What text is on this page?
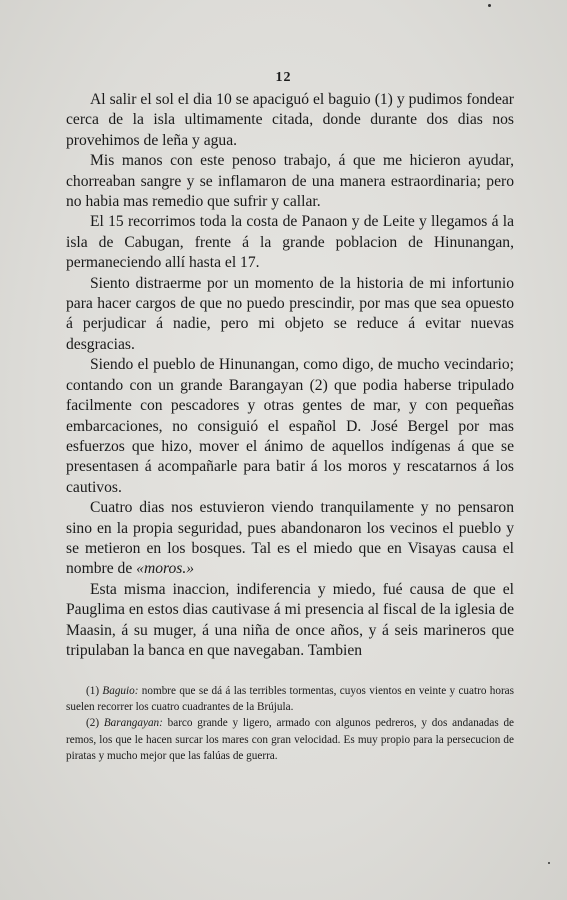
12

Al salir el sol el dia 10 se apaciguó el baguio (1) y pudimos fondear cerca de la isla ultimamente citada, donde durante dos dias nos provehimos de leña y agua.

Mis manos con este penoso trabajo, á que me hicieron ayudar, chorreaban sangre y se inflamaron de una manera estraordinaria; pero no habia mas remedio que sufrir y callar.

El 15 recorrimos toda la costa de Panaon y de Leite y llegamos á la isla de Cabugan, frente á la grande poblacion de Hinunangan, permaneciendo allí hasta el 17.

Siento distraerme por un momento de la historia de mi infortunio para hacer cargos de que no puedo prescindir, por mas que sea opuesto á perjudicar á nadie, pero mi objeto se reduce á evitar nuevas desgracias.

Siendo el pueblo de Hinunangan, como digo, de mucho vecindario; contando con un grande Barangayan (2) que podia haberse tripulado facilmente con pescadores y otras gentes de mar, y con pequeñas embarcaciones, no consiguió el español D. José Bergel por mas esfuerzos que hizo, mover el ánimo de aquellos indígenas á que se presentasen á acompañarle para batir á los moros y rescatarnos á los cautivos.

Cuatro dias nos estuvieron viendo tranquilamente y no pensaron sino en la propia seguridad, pues abandonaron los vecinos el pueblo y se metieron en los bosques. Tal es el miedo que en Visayas causa el nombre de «moros.»

Esta misma inaccion, indiferencia y miedo, fué causa de que el Pauglima en estos dias cautivase á mi presencia al fiscal de la iglesia de Maasin, á su muger, á una niña de once años, y á seis marineros que tripulaban la banca en que navegaban. Tambien

(1) Baguio: nombre que se dá á las terribles tormentas, cuyos vientos en veinte y cuatro horas suelen recorrer los cuatro cuadrantes de la Brújula.

(2) Barangayan: barco grande y ligero, armado con algunos pedreros, y dos andanadas de remos, los que le hacen surcar los mares con gran velocidad. Es muy propio para la persecucion de piratas y mucho mejor que las falúas de guerra.
